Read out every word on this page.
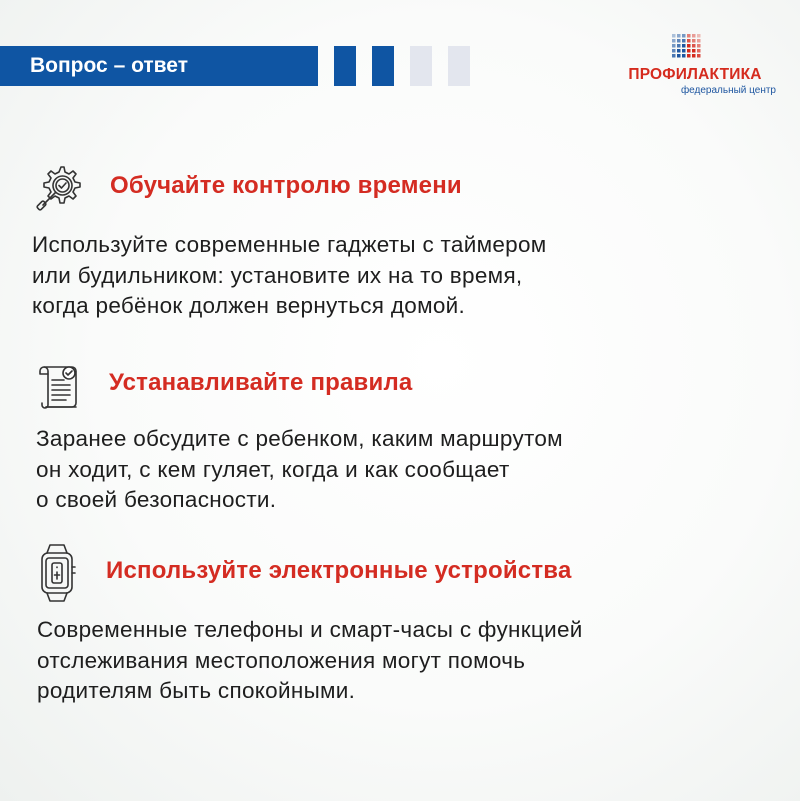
Вопрос – ответ	ПРОФИЛАКТИКА
федеральный центр
Обучайте контролю времени
Используйте современные гаджеты с таймером
или будильником: установите их на то время,
когда ребёнок должен вернуться домой.
Устанавливайте правила
Заранее обсудите с ребенком, каким маршрутом
он ходит, с кем гуляет, когда и как сообщает
о своей безопасности.
Используйте электронные устройства
Современные телефоны и смарт-часы с функцией
отслеживания местоположения могут помочь
родителям быть спокойными.
